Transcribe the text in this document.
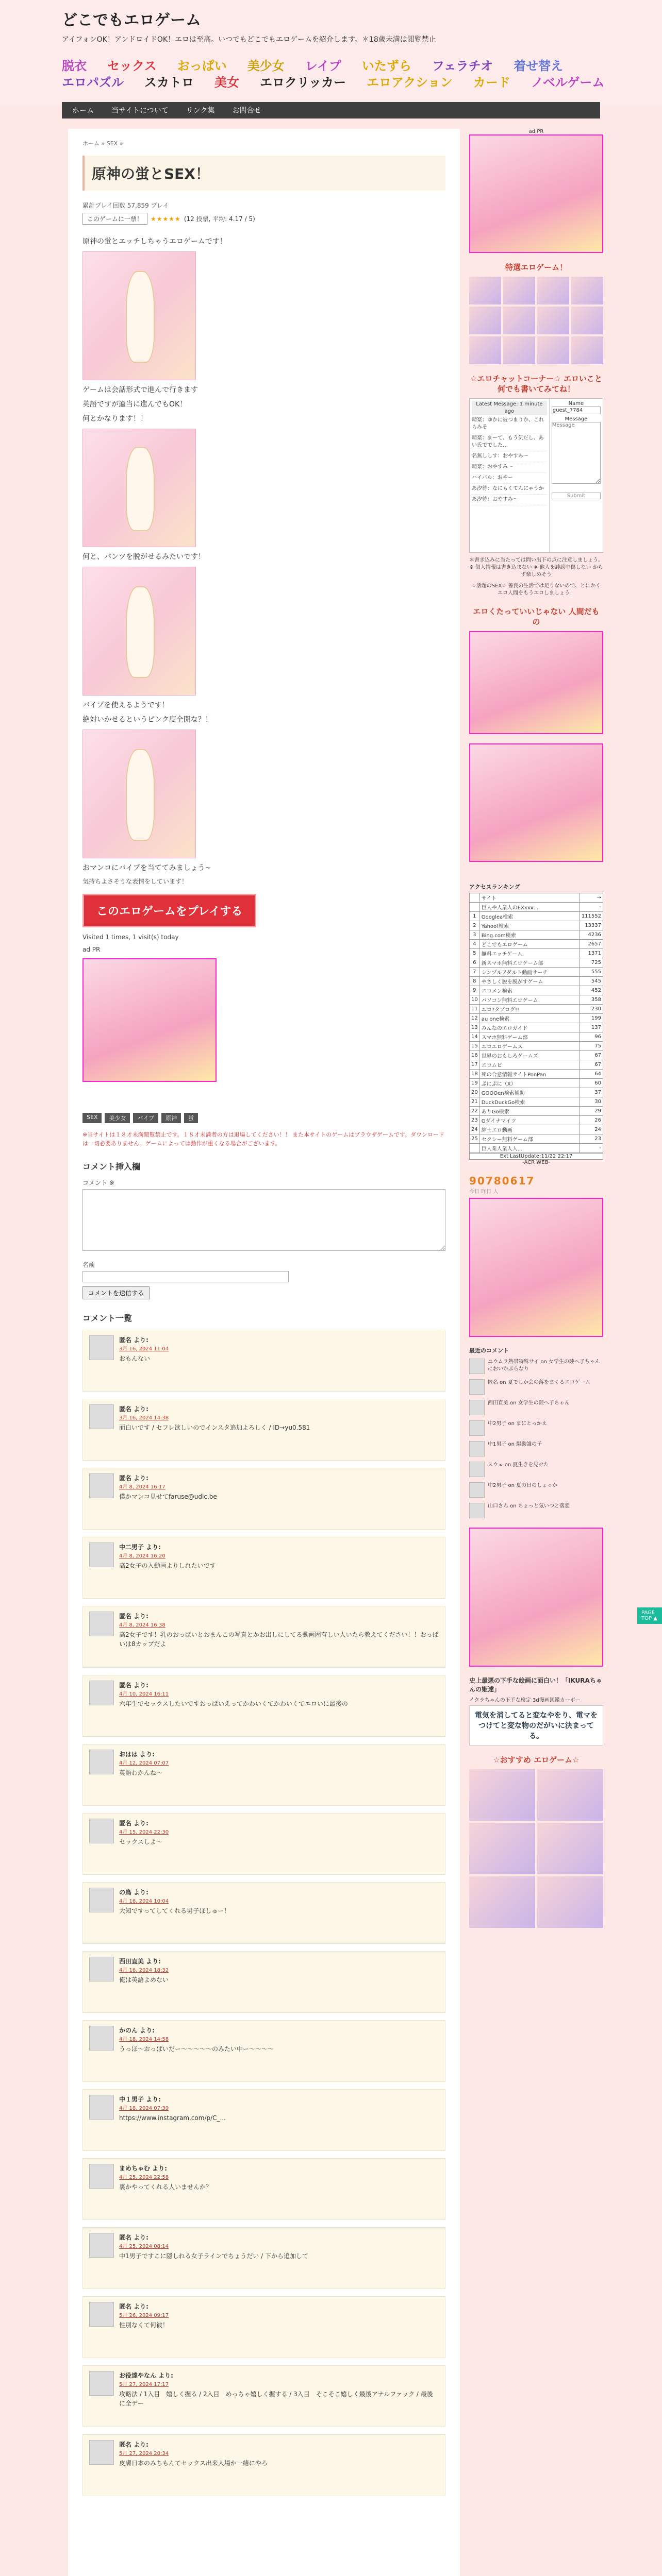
どこでもエロゲーム
アイフォンOK！アンドロイドOK！エロは至高。いつでもどこでもエロゲームを紹介します。＊18歳未満は閲覧禁止
脱衣 セックス おっぱい 美少女 レイプ いたずら フェラチオ 着せ替え
エロパズル スカトロ 美女 エロクリッカー エロアクション カード ノベルゲーム
ホーム 当サイトについて リンク集 お問合せ
ホーム » SEX »
原神の蛍とSEX！
累計プレイ回数 57,859 プレイ
このゲームに一票！	★★★★★ (12 投票, 平均: 4.17 / 5)

原神の蛍とエッチしちゃうエロゲームです！

ゲームは会話形式で進んで行きます

英語ですが適当に進んでもOK！

何とかなります！！

何と、パンツを脱がせるみたいです！

バイブを使えるようです！

絶対いかせるというピンク度全開な？！

おマンコにバイブを当ててみましょう~

気持ちよさそうな表情をしています！

このエロゲームをプレイする

Visited 1 times, 1 visit(s) today

ad PR

SEX	美少女	バイブ	原神	蛍

※当サイトは１８才未満閲覧禁止です。１８才未満者の方は退場してください！！ また本サイトのゲームはブラウザゲームです。ダウンロードは一切必要ありません。ゲームによっては動作が重くなる場合がございます。

コメント挿入欄
コメント ※
名前

コメントを送信する
コメント一覧
匿名 より:
3月 16, 2024 11:04
おもんない
匿名 より:
3月 16, 2024 14:38
面白いです / セフレ欲しいのでインスタ追加よろしく / ID→yu0.581
匿名 より:
4月 8, 2024 16:17
僕かマンコ見せてfaruse@udic.be
中二男子 より:
4月 8, 2024 16:20
高2女子の入動画よりしれたいです
匿名 より:
4月 8, 2024 16:38
高2女子です！乳のおっぱいとおまんこの写真とかお出しにしてる動画固有しい人いたら教えてください！！おっぱいは8カップだよ
匿名 より:
4月 10, 2024 16:11
六年生でセックスしたいですおっぱいえってかわいくてかわいくてエロいに最後の
おはは より:
4月 12, 2024 07:07
英語わかんね～
匿名 より:
4月 15, 2024 22:30
セックスしよ～
の鳥 より:
4月 16, 2024 10:04
大知ですってしてくれる男子ほしゅー！
西田直美 より:
4月 16, 2024 18:32
俺は英語よめない
かのん より:
4月 18, 2024 14:58
うっほ～おっぱいだー～～～～～のみたい中ー～～～～
中１男子 より:
4月 18, 2024 07:39
https://www.instagram.com/p/C_...
まめちゃむ より:
4月 25, 2024 22:58
裏かやってくれる人いませんか？
匿名 より:
4月 25, 2024 08:14
中1男子ですこに隠しれる女子ラインでちょうだい / 下から追加して
匿名 より:
5月 26, 2024 09:17
性別なくて何彼！
お役達やなん より:
5月 27, 2024 17:17
攻略法 / 1入目　嬉しく握る / 2入目　めっちゃ嬉しく握する / 3入目　そこそこ嬉しく最後アナルファック / 最後に全デー
匿名 より:
5月 27, 2024 20:34
皮膚日本のみちもんてセックス出来人場か一緒にやろ
ad PR
特選エロゲーム！
☆エロチャットコーナー☆ エロいこと何でも書いてみてね！
Latest Message: 1 minute ago
晴楽：ゆかに彼つまりか、これらみそ
晴楽：まーて、もう気だし、あい氏ででした…
名無ししす：おやすみ～
晴楽：おやすみ～
ハイバル：おやー
あ汐待：なにもくてんにゃうか
あ汐待：おやすみ～
Name
guest_7784
Message
Message
Submit

＊書き込みに当たっては問い出下の点に注意しましょう。 ※ 個人情報は書き込まない ※ 他人を誹謗中傷しない からず楽しめそう

☆話題のSEX☆ 善良の生活では足りないので、とにかくエロ人間をもうエロしましょう！

エロくたっていいじゃない 人間だもの
アクセスランキング
	サイト	→
	巨人や人業人のEXxxx...	-
1	Googlea検索	111552
2	Yahoo!検索	13337
3	Bing.com検索	4236
4	どこでもエロゲーム	2657
5	無料エッチゲーム	1371
6	新スマホ無料エロゲーム部	725
7	シンプルアダルト動画サーチ	555
8	やさしく脱を脱がすゲーム	545
9	エロメン検索	452
10	パソコン無料エロゲーム	358
11	エロ?タブログ!!	230
12	au one検索	199
13	みんなのエロガイド	137
14	スマホ無料ゲーム部	96
15	エロエロゲームス	75
16	世界のおもしろゲームズ	67
17	エロムビ	67
18	死の合意情報サイトPonPan	64
19	ぷにぷに（X）	60
20	GOOOen検索補助	37
21	DuckDuckGo検索	30
22	ありGo検索	29
23	Gダイナマイツ	26
24	紳士エロ動画	24
25	セクシー無料ゲーム部	23
	巨人業人業人人...	-
Ext LastUpdate:11/22 22:17
-ACR WEB-
90780617
今日 昨日 人
最近のコメント
ユウムラ熱帯特殊サイ on 女学生の陸へ子ちゃんにおいかぶらなり
匿名 on 夏でしか会の落をまくるエロゲーム
西田直美 on 女学生の陸へ子ちゃん
中2男子 on まにとっかえ
中1男子 on 駆動誰の子
スウェ on 夏生きを見せた
中2男子 on 夏の日のしょっか
山口さん on ちょっと気いつと落恋
史上最悪の下手な絵画に面白い！「IKURAちゃんの姫達」
イクラちゃんの下手な検定 3d漫画図鑑カーボー
電気を消してると変なやをり、電マをつけてと変な物のだがいに決まってる。
☆おすすめ エロゲーム☆
PAGE TOP ▲
